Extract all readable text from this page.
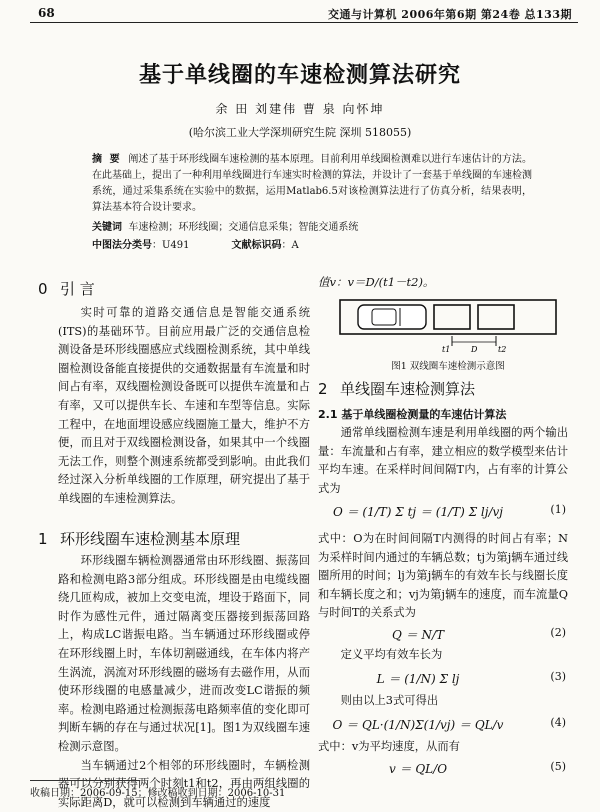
68	交通与计算机 2006年第6期 第24卷 总133期
基于单线圈的车速检测算法研究
余 田 刘建伟 曹 泉 向怀坤
(哈尔滨工业大学深圳研究生院 深圳 518055)
摘 要 阐述了基于环形线圈车速检测的基本原理。目前利用单线圈检测难以进行车速估计的方法。在此基础上，提出了一种利用单线圈进行车速实时检测的算法，并设计了一套基于单线圈的车速检测系统，通过采集系统在实验中的数据，运用Matlab6.5对该检测算法进行了仿真分析，结果表明，算法基本符合设计要求。
关键词 车速检测；环形线圈；交通信息采集；智能交通系统
中图法分类号：U491	文献标识码：A
0 引 言

实时可靠的道路交通信息是智能交通系统(ITS)的基础环节。目前应用最广泛的交通信息检测设备是环形线圈感应式线圈检测系统，其中单线圈检测设备能直接提供的交通数据量有车流量和时间占有率，双线圈检测设备既可以提供车流量和占有率，又可以提供车长、车速和车型等信息。实际工程中，在地面埋设感应线圈施工量大，维护不方便，而且对于双线圈检测设备，如果其中一个线圈无法工作，则整个测速系统都受到影响。由此我们经过深入分析单线圈的工作原理，研究提出了基于单线圈的车速检测算法。

1 环形线圈车速检测基本原理

环形线圈车辆检测器通常由环形线圈、振荡回路和检测电路3部分组成。环形线圈是由电缆线圈绕几匝构成，被加上交变电流，埋设于路面下，同时作为感性元件，通过隔离变压器接到振荡回路上，构成LC谐振电路。当车辆通过环形线圈或停在环形线圈上时，车体切割磁通线，在车体内将产生涡流，涡流对环形线圈的磁场有去磁作用，从而使环形线圈的电感量减少，进而改变LC谐振的频率。检测电路通过检测振荡电路频率值的变化即可判断车辆的存在与通过状况[1]。图1为双线圈车速检测示意图。

当车辆通过2个相邻的环形线圈时，车辆检测器可以分别获得两个时刻t1和t2，再由两组线圈的实际距离D，就可以检测到车辆通过的速度

值v：v＝D/(t1－t2)。
t1	D	t2
图1 双线圈车速检测示意图
2 单线圈车速检测算法
2.1 基于单线圈检测量的车速估计算法

通常单线圈检测车速是利用单线圈的两个输出量：车流量和占有率，建立相应的数学模型来估计平均车速。在采样时间间隔T内，占有率的计算公式为

O ＝ (1/T) Σ tj ＝ (1/T) Σ lj/vj	(1)

式中：O为在时间间隔T内测得的时间占有率；N为采样时间内通过的车辆总数；tj为第j辆车通过线圈所用的时间；lj为第j辆车的有效车长与线圈长度和车辆长度之和；vj为第j辆车的速度，而车流量Q与时间T的关系式为

Q ＝ N/T	(2)

定义平均有效车长为

L ＝ (1/N) Σ lj	(3)

则由以上3式可得出

O ＝ QL·(1/N)Σ(1/vj) ＝ QL/v	(4)

式中：v为平均速度，从而有

v ＝ QL/O	(5)
收稿日期：2006-09-15；修改稿收到日期：2006-10-31
